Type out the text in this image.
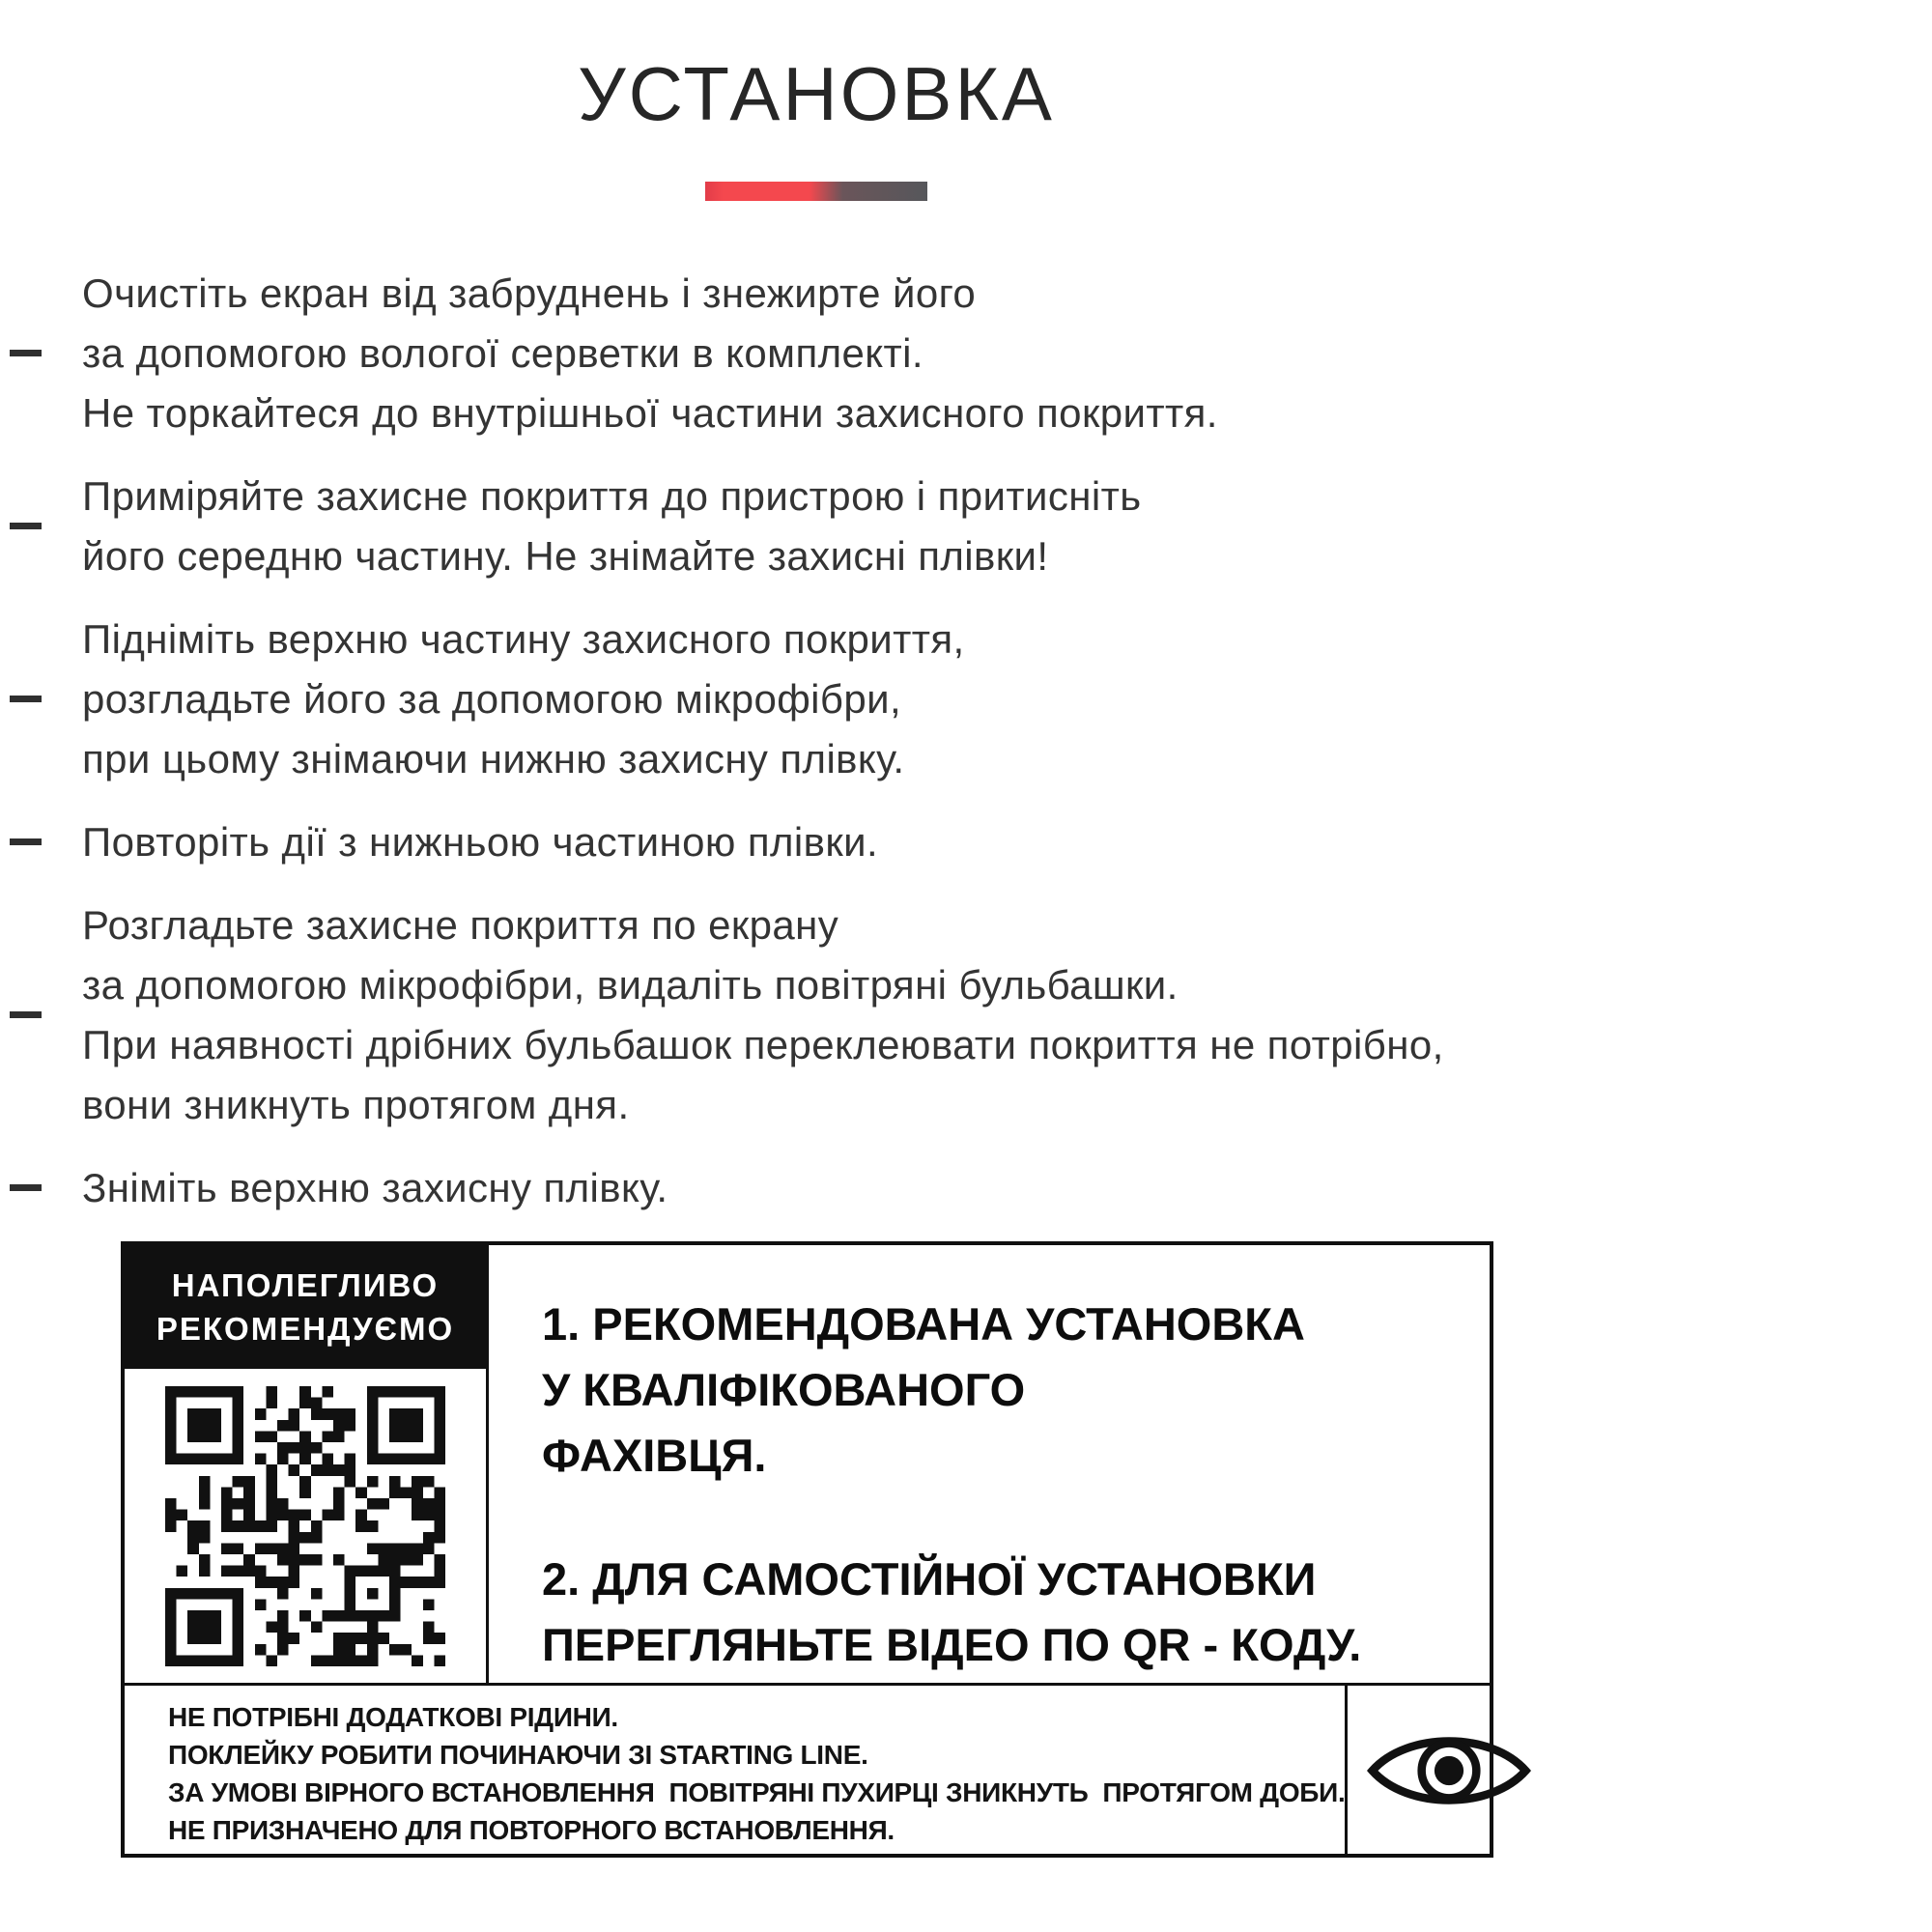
УСТАНОВКА
Очистіть екран від забруднень і знежирте його
за допомогою вологої серветки в комплекті.
Не торкайтеся до внутрішньої частини захисного покриття.
Приміряйте захисне покриття до пристрою і притисніть
його середню частину. Не знімайте захисні плівки!
Підніміть верхню частину захисного покриття,
розгладьте його за допомогою мікрофібри,
при цьому знімаючи нижню захисну плівку.
Повторіть дії з нижньою частиною плівки.
Розгладьте захисне покриття по екрану
за допомогою мікрофібри, видаліть повітряні бульбашки.
При наявності дрібних бульбашок переклеювати покриття не потрібно,
вони зникнуть протягом дня.
Зніміть верхню захисну плівку.
НАПОЛЕГЛИВО
РЕКОМЕНДУЄМО 1. РЕКОМЕНДОВАНА УСТАНОВКА
У КВАЛІФІКОВАНОГО
ФАХІВЦЯ.
2. ДЛЯ САМОСТІЙНОЇ УСТАНОВКИ
ПЕРЕГЛЯНЬТЕ ВІДЕО ПО QR - КОДУ.
НЕ ПОТРІБНІ ДОДАТКОВІ РІДИНИ.
ПОКЛЕЙКУ РОБИТИ ПОЧИНАЮЧИ ЗІ STARTING LINE.
ЗА УМОВІ ВІРНОГО ВСТАНОВЛЕННЯ  ПОВІТРЯНІ ПУХИРЦІ ЗНИКНУТЬ  ПРОТЯГОМ ДОБИ.
НЕ ПРИЗНАЧЕНО ДЛЯ ПОВТОРНОГО ВСТАНОВЛЕННЯ.
